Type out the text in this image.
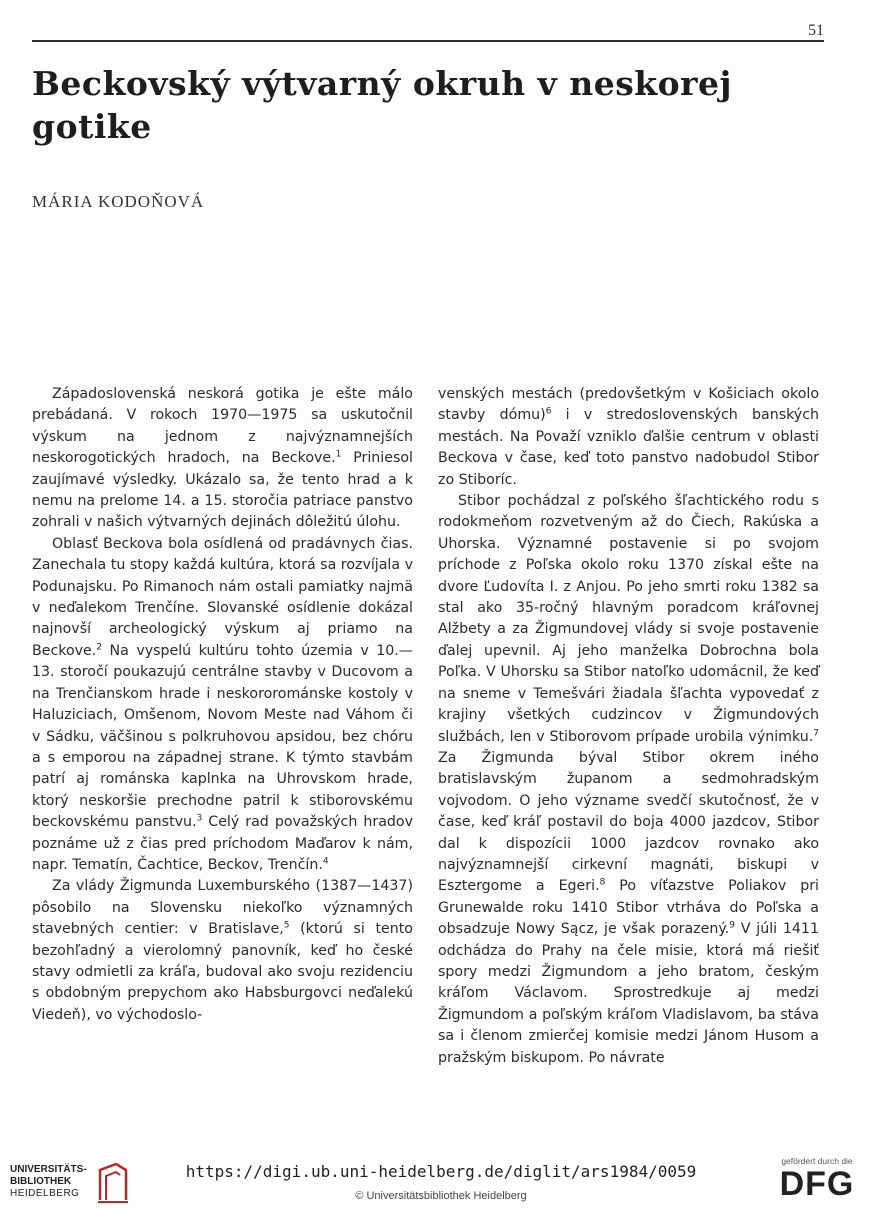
51
Beckovský výtvarný okruh v neskorej gotike
MÁRIA KODOŇOVÁ

Západoslovenská neskorá gotika je ešte málo prebádaná. V rokoch 1970—1975 sa uskutočnil výskum na jednom z najvýznamnejších neskorogotických hradoch, na Beckove.$^1$ Priniesol zaujímavé výsledky. Ukázalo sa, že tento hrad a k nemu na prelome 14. a 15. storočia patriace panstvo zohrali v našich výtvarných dejinách dôležitú úlohu.

Oblasť Beckova bola osídlená od pradávnych čias. Zanechala tu stopy každá kultúra, ktorá sa rozvíjala v Podunajsku. Po Rimanoch nám ostali pamiatky najmä v neďalekom Trenčíne. Slovanské osídlenie dokázal najnovší archeologický výskum aj priamo na Beckove.$^2$ Na vyspelú kultúru tohto územia v 10.—13. storočí poukazujú centrálne stavby v Ducovom a na Trenčianskom hrade i neskororománske kostoly v Haluziciach, Omšenom, Novom Meste nad Váhom či v Sádku, väčšinou s polkruhovou apsidou, bez chóru a s emporou na západnej strane. K týmto stavbám patrí aj románska kaplnka na Uhrovskom hrade, ktorý neskoršie prechodne patril k stiborovskému beckovskému panstvu.$^3$ Celý rad považských hradov poznáme už z čias pred príchodom Maďarov k nám, napr. Tematín, Čachtice, Beckov, Trenčín.$^4$

Za vlády Žigmunda Luxemburského (1387—1437) pôsobilo na Slovensku niekoľko významných stavebných centier: v Bratislave,$^5$ (ktorú si tento bezohľadný a vierolomný panovník, keď ho české stavy odmietli za kráľa, budoval ako svoju rezidenciu s obdobným prepychom ako Habsburgovci neďalekú Viedeň), vo východoslo-

venských mestách (predovšetkým v Košiciach okolo stavby dómu)$^6$ i v stredoslovenských banských mestách. Na Považí vzniklo ďalšie centrum v oblasti Beckova v čase, keď toto panstvo nadobudol Stibor zo Stiboríc.

Stibor pochádzal z poľského šľachtického rodu s rodokmeňom rozvetveným až do Čiech, Rakúska a Uhorska. Významné postavenie si po svojom príchode z Poľska okolo roku 1370 získal ešte na dvore Ľudovíta I. z Anjou. Po jeho smrti roku 1382 sa stal ako 35-ročný hlavným poradcom kráľovnej Alžbety a za Žigmundovej vlády si svoje postavenie ďalej upevnil. Aj jeho manželka Dobrochna bola Poľka. V Uhorsku sa Stibor natoľko udomácnil, že keď na sneme v Temešvári žiadala šľachta vypovedať z krajiny všetkých cudzincov v Žigmundových službách, len v Stiborovom prípade urobila výnimku.$^7$ Za Žigmunda býval Stibor okrem iného bratislavským županom a sedmohradským vojvodom. O jeho význame svedčí skutočnosť, že v čase, keď kráľ postavil do boja 4000 jazdcov, Stibor dal k dispozícii 1000 jazdcov rovnako ako najvýznamnejší cirkevní magnáti, biskupi v Esztergome a Egeri.$^8$ Po víťazstve Poliakov pri Grunewalde roku 1410 Stibor vtrháva do Poľska a obsadzuje Nowy Sącz, je však porazený.$^9$ V júli 1411 odchádza do Prahy na čele misie, ktorá má riešiť spory medzi Žigmundom a jeho bratom, českým kráľom Václavom. Sprostredkuje aj medzi Žigmundom a poľským kráľom Vladislavom, ba stáva sa i členom zmierčej komisie medzi Jánom Husom a pražským biskupom. Po návrate

UNIVERSITÄTS-
BIBLIOTHEK
HEIDELBERG
https://digi.ub.uni-heidelberg.de/diglit/ars1984/0059
© Universitätsbibliothek Heidelberg
gefördert durch die
DFG
